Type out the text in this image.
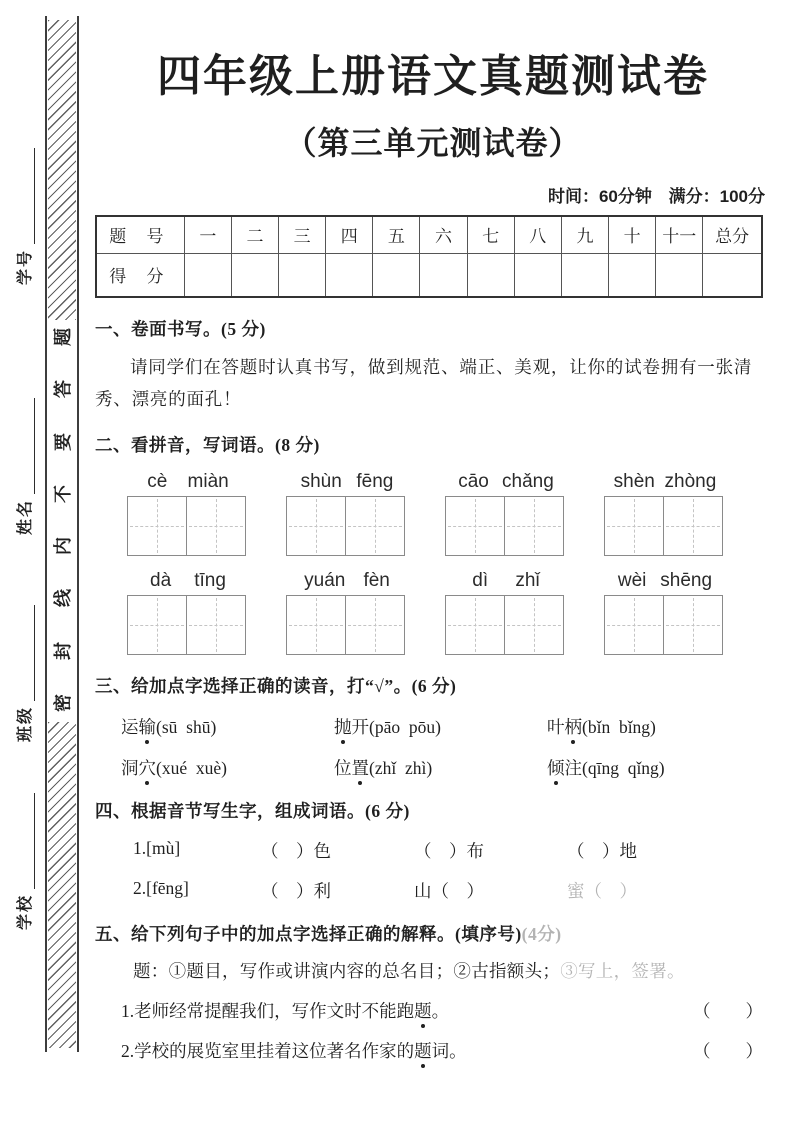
学号
姓名
班级
学校
题
答
要
不
内
线
封
密
四年级上册语文真题测试卷
（第三单元测试卷）
时间：60分钟 满分：100分
题 号	一	二	三	四	五	六	七	八	九	十	十一	总分
得 分												
一、卷面书写。(5 分)
请同学们在答题时认真书写，做到规范、端正、美观，让你的试卷拥有一张清秀、漂亮的面孔！
二、看拼音，写词语。(8 分)
cè miàn	shùn fēng	cāo chǎng	shèn zhòng
dà tīng	yuán fèn	dì zhǐ	wèi shēng
三、给加点字选择正确的读音，打“√”。(6 分)
运输(sū  shū)	抛开(pāo  pōu)	叶柄(bǐn  bǐng)
洞穴(xué  xuè)	位置(zhǐ  zhì)	倾注(qīng  qǐng)
四、根据音节写生字，组成词语。(6 分)
1.[mù]	（　）色	（　）布	（　）地
2.[fēng]	（　）利	山（　）	蜜（　）
五、给下列句子中的加点字选择正确的解释。(填序号)(4分)
题：①题目，写作或讲演内容的总名目；②古指额头；③写上，签署。
1.老师经常提醒我们，写作文时不能跑题。	（　　）
2.学校的展览室里挂着这位著名作家的题词。	（　　）
